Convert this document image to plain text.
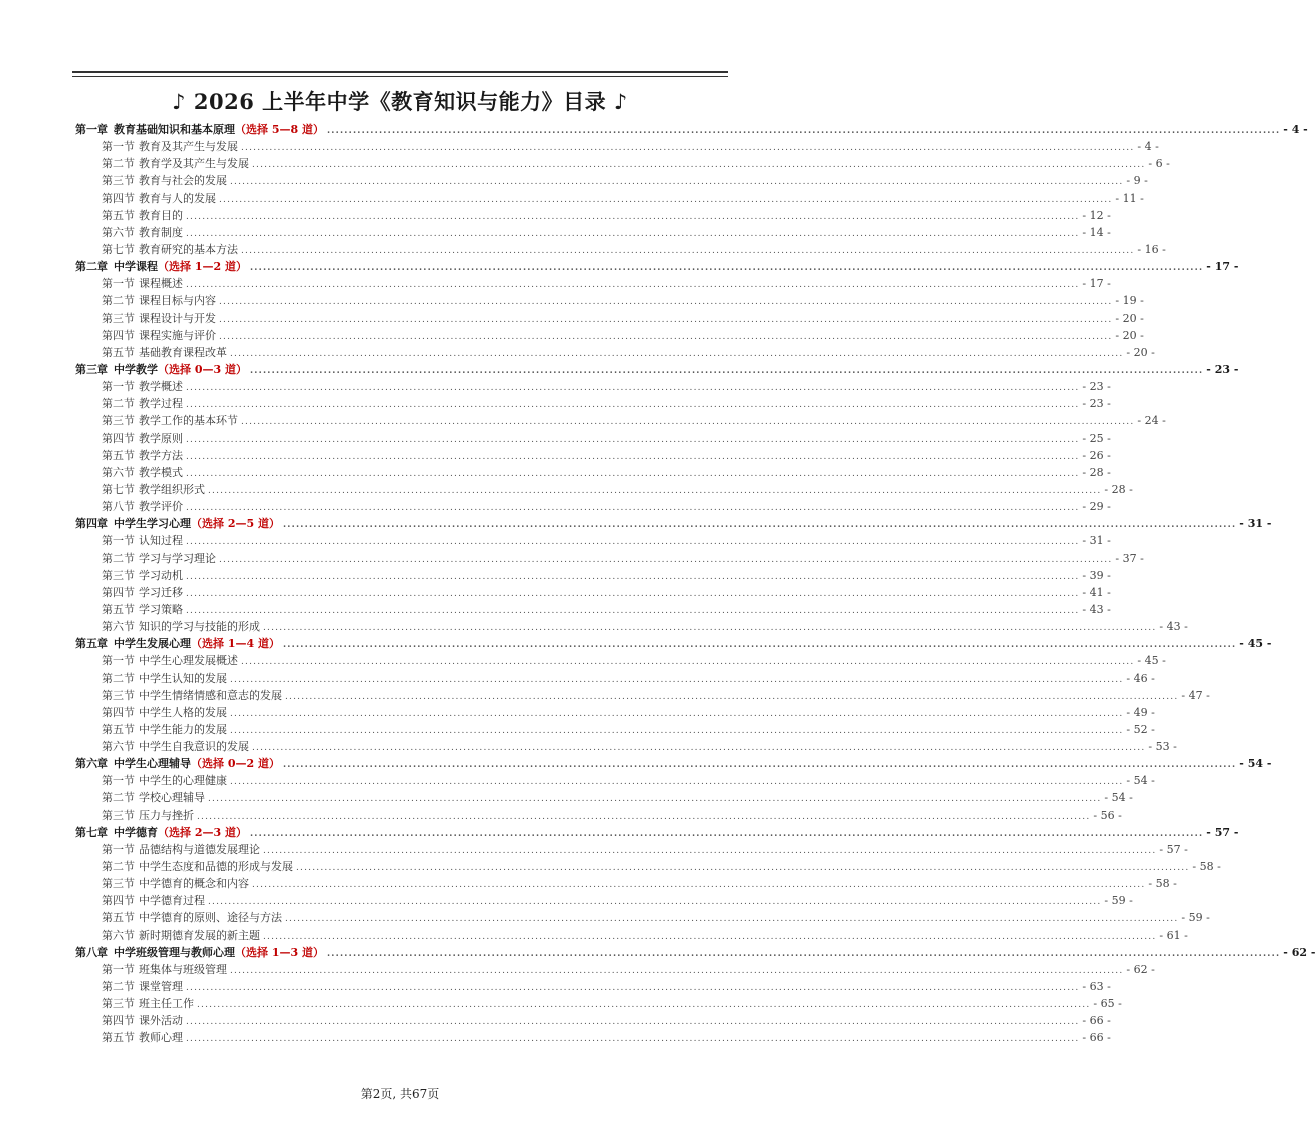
♪ 2026 上半年中学《教育知识与能力》目录 ♪
第一章 教育基础知识和基本原理（选择 5—8 道） ............................................................................................................................................................................................................................ - 4 -
第一节 教育及其产生与发展 ............................................................................................................................................................................................................................ - 4 -
第二节 教育学及其产生与发展 ............................................................................................................................................................................................................................ - 6 -
第三节 教育与社会的发展 ............................................................................................................................................................................................................................ - 9 -
第四节 教育与人的发展 ............................................................................................................................................................................................................................ - 11 -
第五节 教育目的 ............................................................................................................................................................................................................................ - 12 -
第六节 教育制度 ............................................................................................................................................................................................................................ - 14 -
第七节 教育研究的基本方法 ............................................................................................................................................................................................................................ - 16 -
第二章 中学课程（选择 1—2 道） ............................................................................................................................................................................................................................ - 17 -
第一节 课程概述 ............................................................................................................................................................................................................................ - 17 -
第二节 课程目标与内容 ............................................................................................................................................................................................................................ - 19 -
第三节 课程设计与开发 ............................................................................................................................................................................................................................ - 20 -
第四节 课程实施与评价 ............................................................................................................................................................................................................................ - 20 -
第五节 基础教育课程改革 ............................................................................................................................................................................................................................ - 20 -
第三章 中学教学（选择 0—3 道） ............................................................................................................................................................................................................................ - 23 -
第一节 教学概述 ............................................................................................................................................................................................................................ - 23 -
第二节 教学过程 ............................................................................................................................................................................................................................ - 23 -
第三节 教学工作的基本环节 ............................................................................................................................................................................................................................ - 24 -
第四节 教学原则 ............................................................................................................................................................................................................................ - 25 -
第五节 教学方法 ............................................................................................................................................................................................................................ - 26 -
第六节 教学模式 ............................................................................................................................................................................................................................ - 28 -
第七节 教学组织形式 ............................................................................................................................................................................................................................ - 28 -
第八节 教学评价 ............................................................................................................................................................................................................................ - 29 -
第四章 中学生学习心理（选择 2—5 道） ............................................................................................................................................................................................................................ - 31 -
第一节 认知过程 ............................................................................................................................................................................................................................ - 31 -
第二节 学习与学习理论 ............................................................................................................................................................................................................................ - 37 -
第三节 学习动机 ............................................................................................................................................................................................................................ - 39 -
第四节 学习迁移 ............................................................................................................................................................................................................................ - 41 -
第五节 学习策略 ............................................................................................................................................................................................................................ - 43 -
第六节 知识的学习与技能的形成 ............................................................................................................................................................................................................................ - 43 -
第五章 中学生发展心理（选择 1—4 道） ............................................................................................................................................................................................................................ - 45 -
第一节 中学生心理发展概述 ............................................................................................................................................................................................................................ - 45 -
第二节 中学生认知的发展 ............................................................................................................................................................................................................................ - 46 -
第三节 中学生情绪情感和意志的发展 ............................................................................................................................................................................................................................ - 47 -
第四节 中学生人格的发展 ............................................................................................................................................................................................................................ - 49 -
第五节 中学生能力的发展 ............................................................................................................................................................................................................................ - 52 -
第六节 中学生自我意识的发展 ............................................................................................................................................................................................................................ - 53 -
第六章 中学生心理辅导（选择 0—2 道） ............................................................................................................................................................................................................................ - 54 -
第一节 中学生的心理健康 ............................................................................................................................................................................................................................ - 54 -
第二节 学校心理辅导 ............................................................................................................................................................................................................................ - 54 -
第三节 压力与挫折 ............................................................................................................................................................................................................................ - 56 -
第七章 中学德育（选择 2—3 道） ............................................................................................................................................................................................................................ - 57 -
第一节 品德结构与道德发展理论 ............................................................................................................................................................................................................................ - 57 -
第二节 中学生态度和品德的形成与发展 ............................................................................................................................................................................................................................ - 58 -
第三节 中学德育的概念和内容 ............................................................................................................................................................................................................................ - 58 -
第四节 中学德育过程 ............................................................................................................................................................................................................................ - 59 -
第五节 中学德育的原则、途径与方法 ............................................................................................................................................................................................................................ - 59 -
第六节 新时期德育发展的新主题 ............................................................................................................................................................................................................................ - 61 -
第八章 中学班级管理与教师心理（选择 1—3 道） ............................................................................................................................................................................................................................ - 62 -
第一节 班集体与班级管理 ............................................................................................................................................................................................................................ - 62 -
第二节 课堂管理 ............................................................................................................................................................................................................................ - 63 -
第三节 班主任工作 ............................................................................................................................................................................................................................ - 65 -
第四节 课外活动 ............................................................................................................................................................................................................................ - 66 -
第五节 教师心理 ............................................................................................................................................................................................................................ - 66 -
第2页, 共67页
